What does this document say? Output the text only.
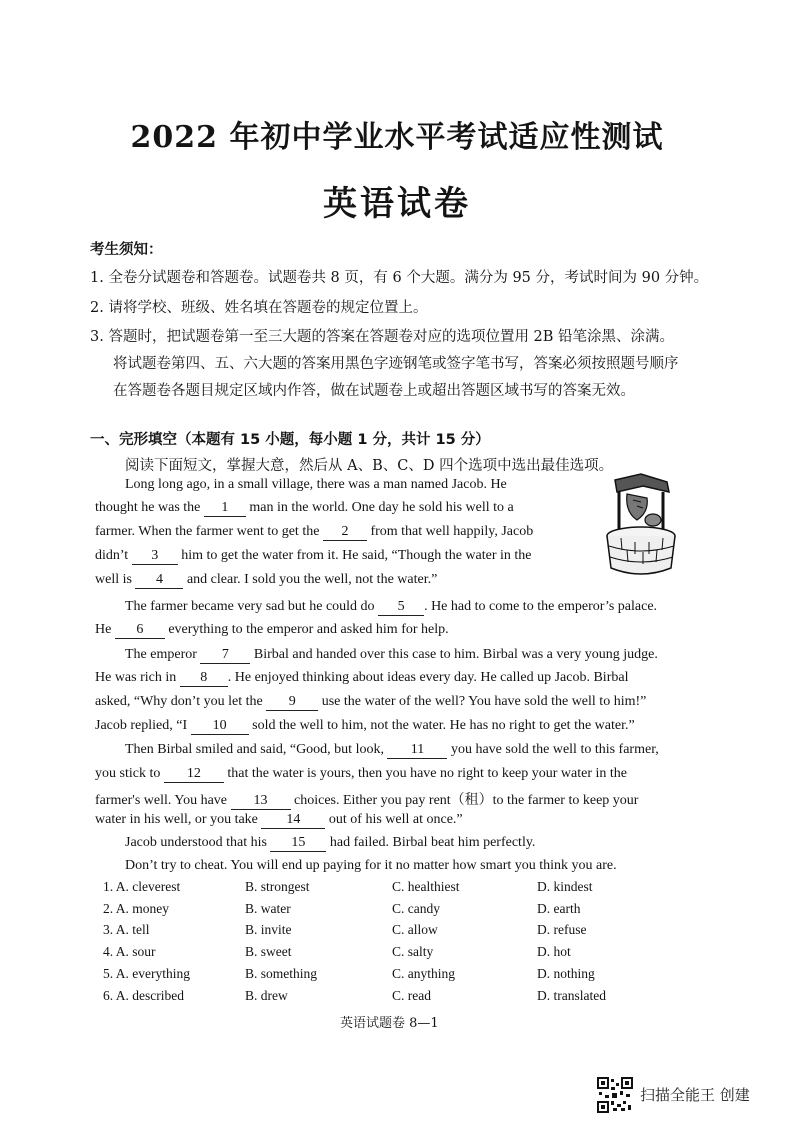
2022 年初中学业水平考试适应性测试
英语试卷
考生须知：
1. 全卷分试题卷和答题卷。试题卷共 8 页，有 6 个大题。满分为 95 分，考试时间为 90 分钟。
2. 请将学校、班级、姓名填在答题卷的规定位置上。
3. 答题时，把试题卷第一至三大题的答案在答题卷对应的选项位置用 2B 铅笔涂黑、涂满。
将试题卷第四、五、六大题的答案用黑色字迹钢笔或签字笔书写，答案必须按照题号顺序
在答题卷各题目规定区域内作答，做在试题卷上或超出答题区域书写的答案无效。
一、完形填空（本题有 15 小题，每小题 1 分，共计 15 分）
阅读下面短文，掌握大意，然后从 A、B、C、D 四个选项中选出最佳选项。
Long long ago, in a small village, there was a man named Jacob. He
thought he was the 1 man in the world. One day he sold his well to a
farmer. When the farmer went to get the 2 from that well happily, Jacob
didn’t 3 him to get the water from it. He said, “Though the water in the
well is 4 and clear. I sold you the well, not the water.”
The farmer became very sad but he could do 5 . He had to come to the emperor’s palace.
He 6 everything to the emperor and asked him for help.
The emperor 7 Birbal and handed over this case to him. Birbal was a very young judge.
He was rich in 8 . He enjoyed thinking about ideas every day. He called up Jacob. Birbal
asked, “Why don’t you let the 9 use the water of the well? You have sold the well to him!”
Jacob replied, “I 10 sold the well to him, not the water. He has no right to get the water.”
Then Birbal smiled and said, “Good, but look, 11 you have sold the well to this farmer,
you stick to 12 that the water is yours, then you have no right to keep your water in the
farmer's well. You have 13 choices. Either you pay rent（租）to the farmer to keep your
water in his well, or you take 14 out of his well at once.”
Jacob understood that his 15 had failed. Birbal beat him perfectly.
Don’t try to cheat. You will end up paying for it no matter how smart you think you are.
1. A. cleverest	B. strongest	C. healthiest	D. kindest
2. A. money	B. water	C. candy	D. earth
3. A. tell	B. invite	C. allow	D. refuse
4. A. sour	B. sweet	C. salty	D. hot
5. A. everything	B. something	C. anything	D. nothing
6. A. described	B. drew	C. read	D. translated
英语试题卷 8—1
扫描全能王 创建
